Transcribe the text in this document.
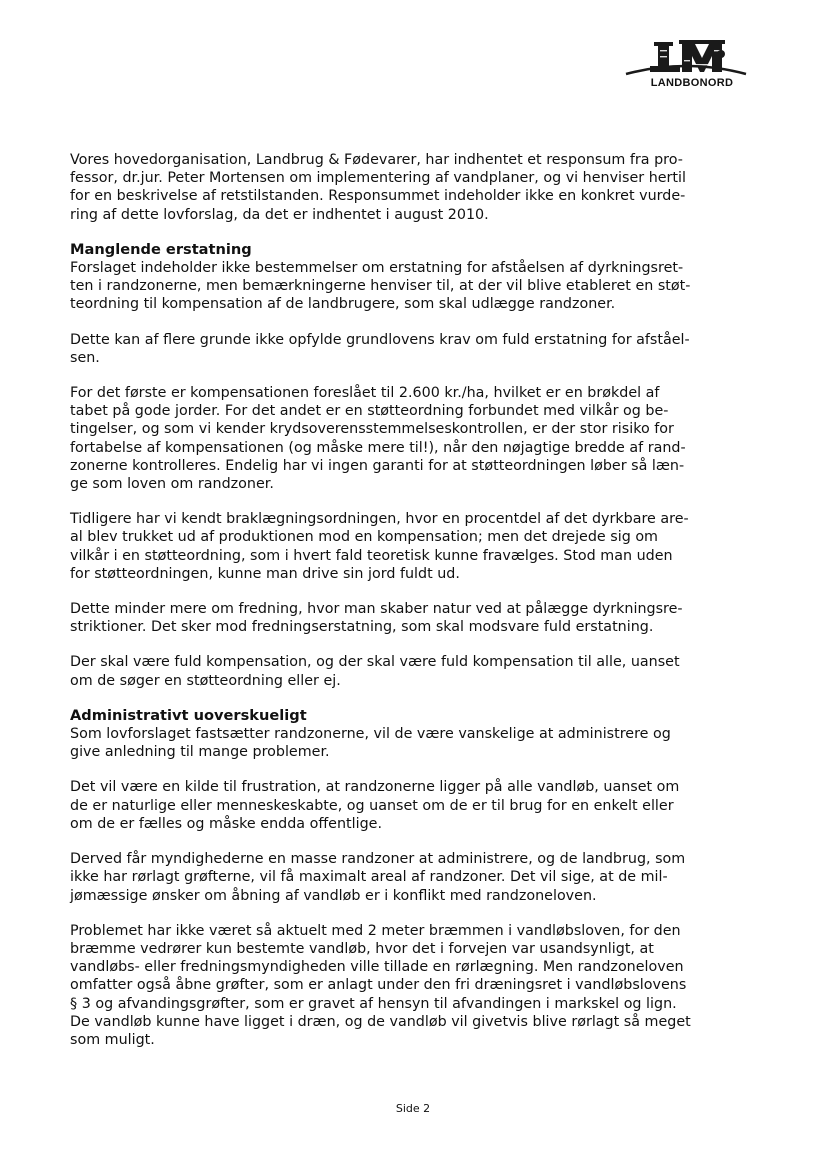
LANDBONORD
Vores hovedorganisation, Landbrug & Fødevarer, har indhentet et responsum fra pro-
fessor, dr.jur. Peter Mortensen om implementering af vandplaner, og vi henviser hertil
for en beskrivelse af retstilstanden. Responsummet indeholder ikke en konkret vurde-
ring af dette lovforslag, da det er indhentet i august 2010.
Manglende erstatning
Forslaget indeholder ikke bestemmelser om erstatning for afståelsen af dyrkningsret-
ten i randzonerne, men bemærkningerne henviser til, at der vil blive etableret en støt-
teordning til kompensation af de landbrugere, som skal udlægge randzoner.
Dette kan af flere grunde ikke opfylde grundlovens krav om fuld erstatning for afståel-
sen.
For det første er kompensationen foreslået til 2.600 kr./ha, hvilket er en brøkdel af
tabet på gode jorder. For det andet er en støtteordning forbundet med vilkår og be-
tingelser, og som vi kender krydsoverensstemmelseskontrollen, er der stor risiko for
fortabelse af kompensationen (og måske mere til!), når den nøjagtige bredde af rand-
zonerne kontrolleres. Endelig har vi ingen garanti for at støtteordningen løber så læn-
ge som loven om randzoner.
Tidligere har vi kendt braklægningsordningen, hvor en procentdel af det dyrkbare are-
al blev trukket ud af produktionen mod en kompensation; men det drejede sig om
vilkår i en støtteordning, som i hvert fald teoretisk kunne fravælges. Stod man uden
for støtteordningen, kunne man drive sin jord fuldt ud.
Dette minder mere om fredning, hvor man skaber natur ved at pålægge dyrkningsre-
striktioner. Det sker mod fredningserstatning, som skal modsvare fuld erstatning.
Der skal være fuld kompensation, og der skal være fuld kompensation til alle, uanset
om de søger en støtteordning eller ej.
Administrativt uoverskueligt
Som lovforslaget fastsætter randzonerne, vil de være vanskelige at administrere og
give anledning til mange problemer.
Det vil være en kilde til frustration, at randzonerne ligger på alle vandløb, uanset om
de er naturlige eller menneskeskabte, og uanset om de er til brug for en enkelt eller
om de er fælles og måske endda offentlige.
Derved får myndighederne en masse randzoner at administrere, og de landbrug, som
ikke har rørlagt grøfterne, vil få maximalt areal af randzoner. Det vil sige, at de mil-
jømæssige ønsker om åbning af vandløb er i konflikt med randzoneloven.
Problemet har ikke været så aktuelt med 2 meter bræmmen i vandløbsloven, for den
bræmme vedrører kun bestemte vandløb, hvor det i forvejen var usandsynligt, at
vandløbs- eller fredningsmyndigheden ville tillade en rørlægning. Men randzoneloven
omfatter også åbne grøfter, som er anlagt under den fri dræningsret i vandløbslovens
§ 3 og afvandingsgrøfter, som er gravet af hensyn til afvandingen i markskel og lign.
De vandløb kunne have ligget i dræn, og de vandløb vil givetvis blive rørlagt så meget
som muligt.
Side 2
